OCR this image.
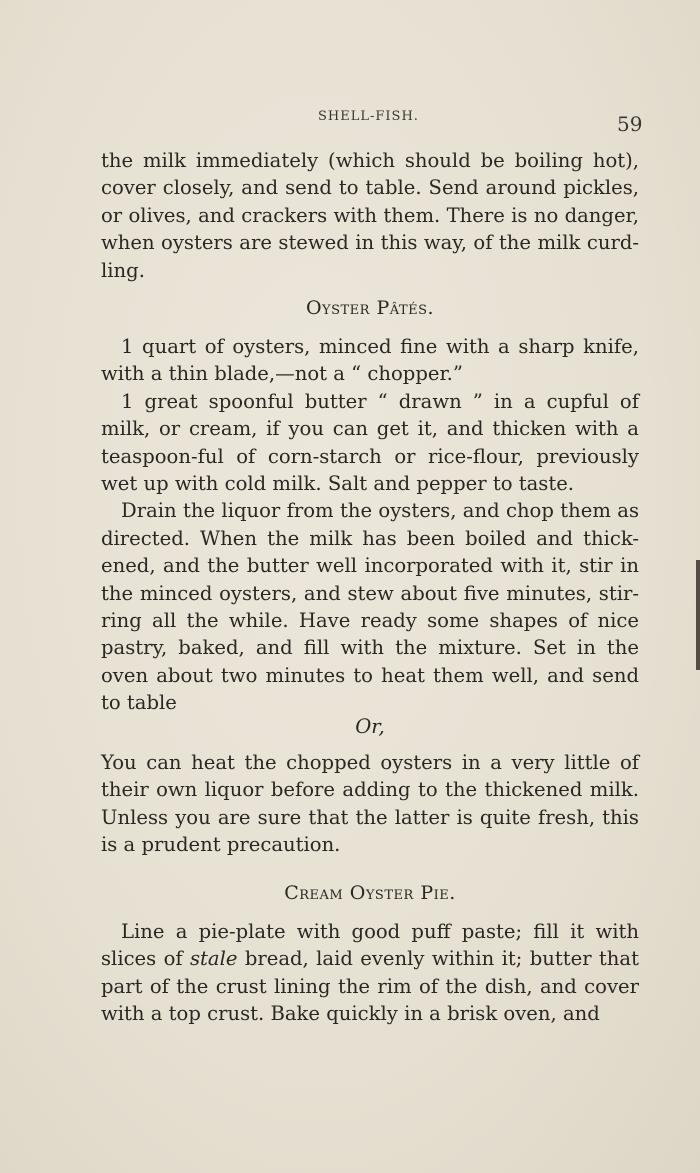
SHELL-FISH.	59

the milk immediately (which should be boiling hot), cover closely, and send to table. Send around pickles, or olives, and crackers with them. There is no danger, when oysters are stewed in this way, of the milk curd-ling.

Oyster Pâtés.

1 quart of oysters, minced fine with a sharp knife, with a thin blade,—not a “ chopper.”

1 great spoonful butter “ drawn ” in a cupful of milk, or cream, if you can get it, and thicken with a teaspoon-ful of corn-starch or rice-flour, previously wet up with cold milk. Salt and pepper to taste.

Drain the liquor from the oysters, and chop them as directed. When the milk has been boiled and thick-ened, and the butter well incorporated with it, stir in the minced oysters, and stew about five minutes, stir-ring all the while. Have ready some shapes of nice pastry, baked, and fill with the mixture. Set in the oven about two minutes to heat them well, and send to table

Or,

You can heat the chopped oysters in a very little of their own liquor before adding to the thickened milk. Unless you are sure that the latter is quite fresh, this is a prudent precaution.

Cream Oyster Pie.

Line a pie-plate with good puff paste; fill it with slices of stale bread, laid evenly within it; butter that part of the crust lining the rim of the dish, and cover with a top crust. Bake quickly in a brisk oven, and
